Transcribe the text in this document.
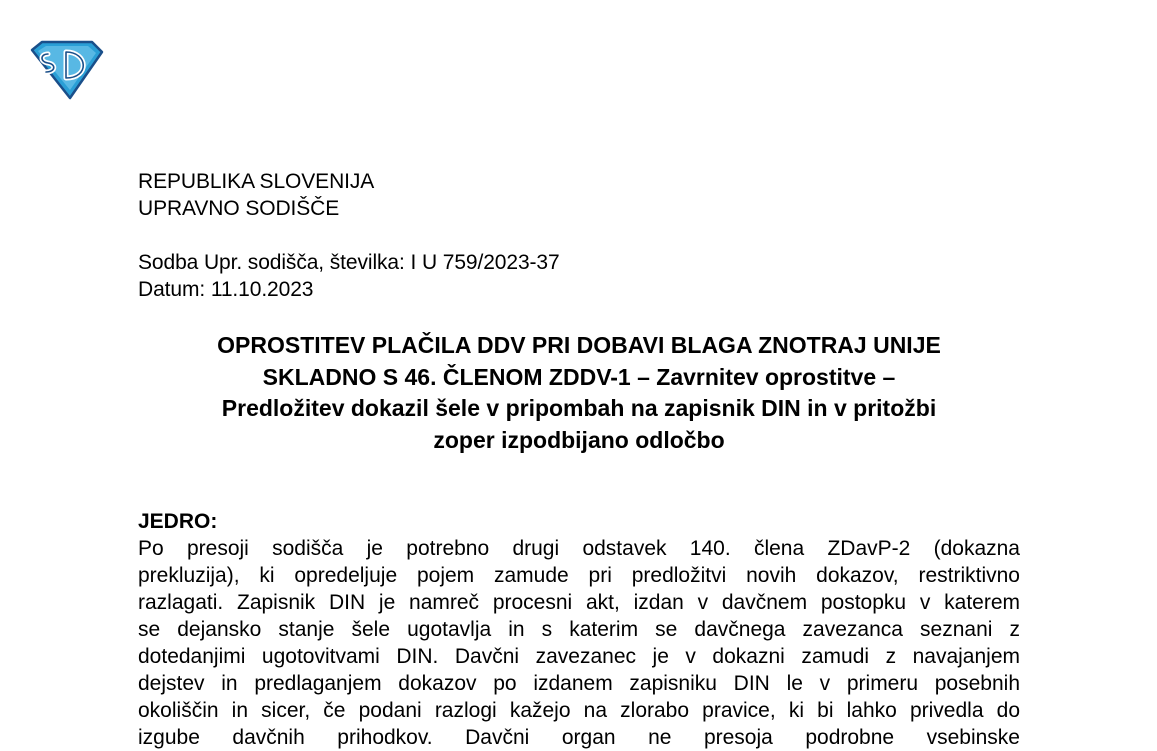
REPUBLIKA SLOVENIJA
UPRAVNO SODIŠČE
Sodba Upr. sodišča, številka: I U 759/2023-37
Datum: 11.10.2023
OPROSTITEV PLAČILA DDV PRI DOBAVI BLAGA ZNOTRAJ UNIJE
SKLADNO S 46. ČLENOM ZDDV-1 – Zavrnitev oprostitve –
Predložitev dokazil šele v pripombah na zapisnik DIN in v pritožbi
zoper izpodbijano odločbo
JEDRO:
Po presoji sodišča je potrebno drugi odstavek 140. člena ZDavP-2 (dokazna
prekluzija), ki opredeljuje pojem zamude pri predložitvi novih dokazov, restriktivno
razlagati. Zapisnik DIN je namreč procesni akt, izdan v davčnem postopku v katerem
se dejansko stanje šele ugotavlja in s katerim se davčnega zavezanca seznani z
dotedanjimi ugotovitvami DIN. Davčni zavezanec je v dokazni zamudi z navajanjem
dejstev in predlaganjem dokazov po izdanem zapisniku DIN le v primeru posebnih
okoliščin in sicer, če podani razlogi kažejo na zlorabo pravice, ki bi lahko privedla do
izgube davčnih prihodkov. Davčni organ ne presoja podrobne vsebinske
